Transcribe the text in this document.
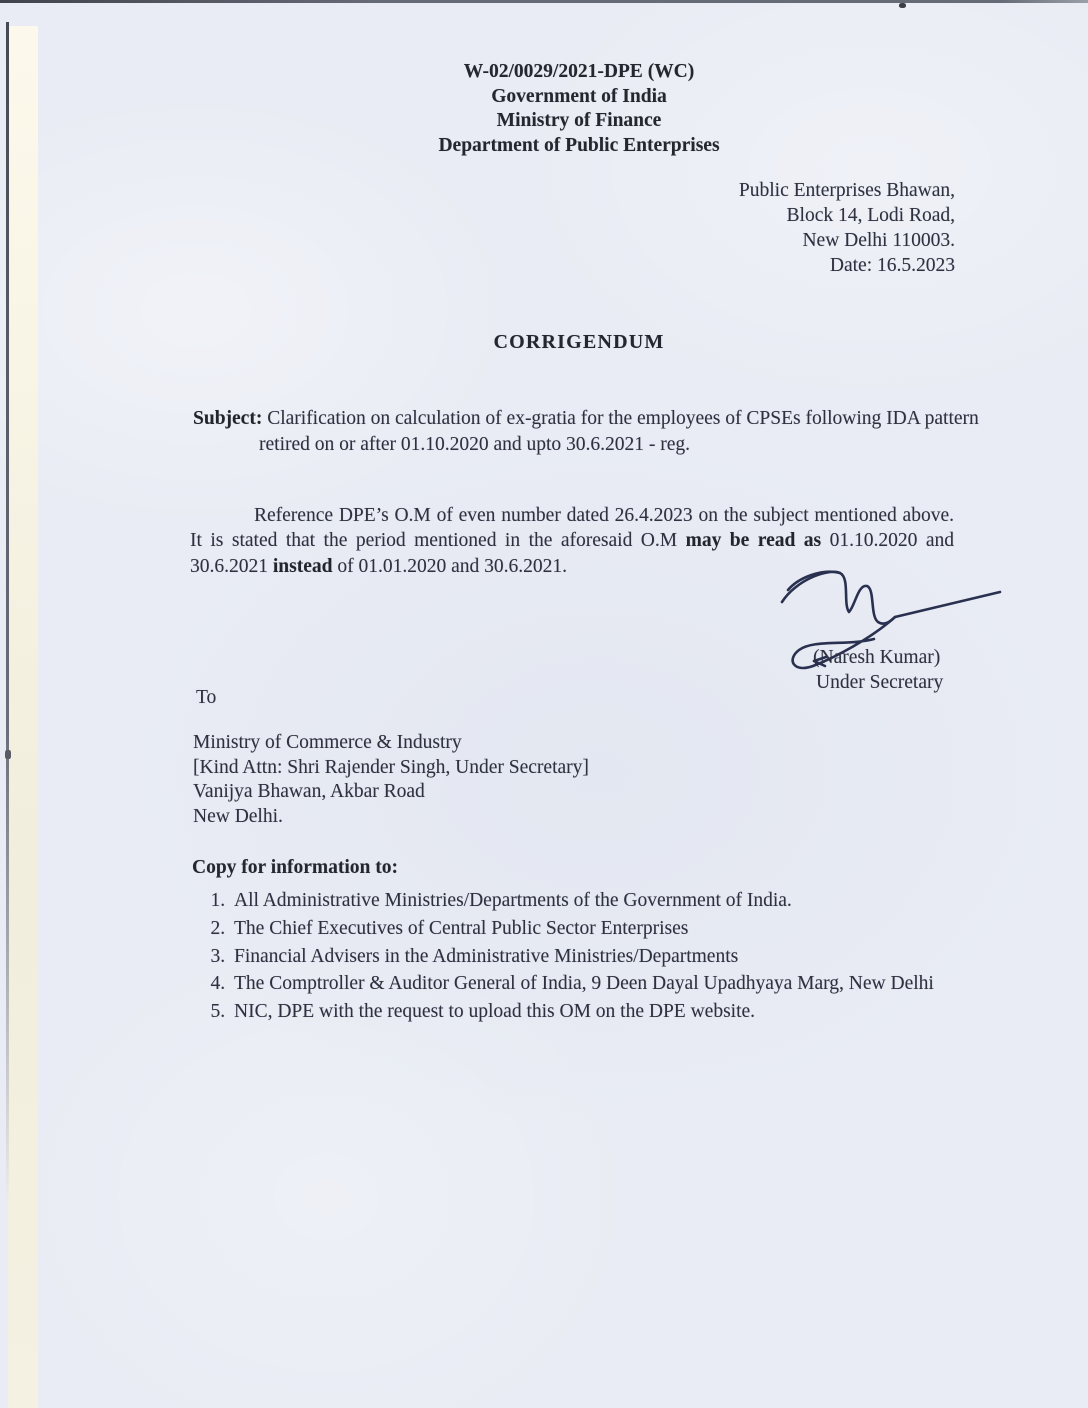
W-02/0029/2021-DPE (WC)
Government of India
Ministry of Finance
Department of Public Enterprises
Public Enterprises Bhawan,
Block 14, Lodi Road,
New Delhi 110003.
Date: 16.5.2023
CORRIGENDUM
Subject: Clarification on calculation of ex-gratia for the employees of CPSEs following IDA pattern retired on or after 01.10.2020 and upto 30.6.2021 - reg.
Reference DPE’s O.M of even number dated 26.4.2023 on the subject mentioned above. It is stated that the period mentioned in the aforesaid O.M may be read as 01.10.2020 and 30.6.2021 instead of 01.01.2020 and 30.6.2021.
(Naresh Kumar)
Under Secretary
To
Ministry of Commerce & Industry
[Kind Attn: Shri Rajender Singh, Under Secretary]
Vanijya Bhawan, Akbar Road
New Delhi.
Copy for information to:
1. All Administrative Ministries/Departments of the Government of India.
2. The Chief Executives of Central Public Sector Enterprises
3. Financial Advisers in the Administrative Ministries/Departments
4. The Comptroller & Auditor General of India, 9 Deen Dayal Upadhyaya Marg, New Delhi
5. NIC, DPE with the request to upload this OM on the DPE website.
